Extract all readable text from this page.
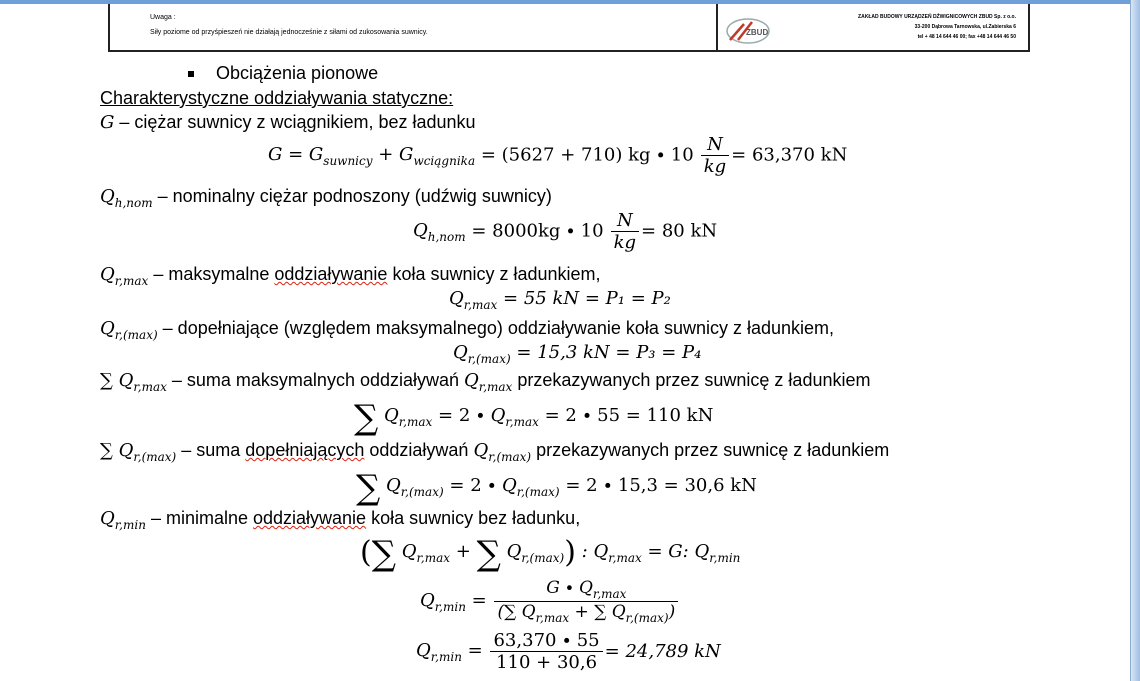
Uwaga :
Siły poziome od przyśpieszeń nie działają jednocześnie z siłami od zukosowania suwnicy.	ZBUD
ZAKŁAD BUDOWY URZĄDZEŃ DŹWIGNICOWYCH ZBUD Sp. z o.o.
33-200 Dąbrowa Tarnowska, ul.Zabierska 6
tel + 48 14 644 46 00; fax +48 14 644 46 50
Obciążenia pionowe
Charakterystyczne oddziaływania statyczne:
G – ciężar suwnicy z wciągnikiem, bez ładunku
$G = G_{suwnicy} + G_{wciągnika} = (5627 + 710)$ kg ∙ $10 \frac{N}{kg} = 63,370$ kN
$Q_{h,nom}$ – nominalny ciężar podnoszony (udźwig suwnicy)
$Q_{h,nom} = 8000kg \cdot 10 \frac{N}{kg} = 80$ kN
$Q_{r,max}$ – maksymalne oddziaływanie koła suwnicy z ładunkiem,
$Q_{r,max} = 55$ kN = P₁ = P₂
$Q_{r,(max)}$ – dopełniające (względem maksymalnego) oddziaływanie koła suwnicy z ładunkiem,
$Q_{r,(max)} = 15,3$ kN = P₃ = P₄
∑ $Q_{r,max}$ – suma maksymalnych oddziaływań $Q_{r,max}$ przekazywanych przez suwnicę z ładunkiem
∑ $Q_{r,max} = 2 \cdot Q_{r,max} = 2 \cdot 55 = 110$ kN
∑ $Q_{r,(max)}$ – suma dopełniających oddziaływań $Q_{r,(max)}$ przekazywanych przez suwnicę z ładunkiem
∑ $Q_{r,(max)} = 2 \cdot Q_{r,(max)} = 2 \cdot 15,3 = 30,6$ kN
$Q_{r,min}$ – minimalne oddziaływanie koła suwnicy bez ładunku,
(∑ $Q_{r,max}$ + ∑ $Q_{r,(max)}$) : $Q_{r,max} = G$: $Q_{r,min}$
$Q_{r,min} = \frac{G \cdot Q_{r,max}}{(\sum Q_{r,max} + \sum Q_{r,(max)})}$
$Q_{r,min} = \frac{63,370 \cdot 55}{110 + 30,6} = 24,789$ kN
